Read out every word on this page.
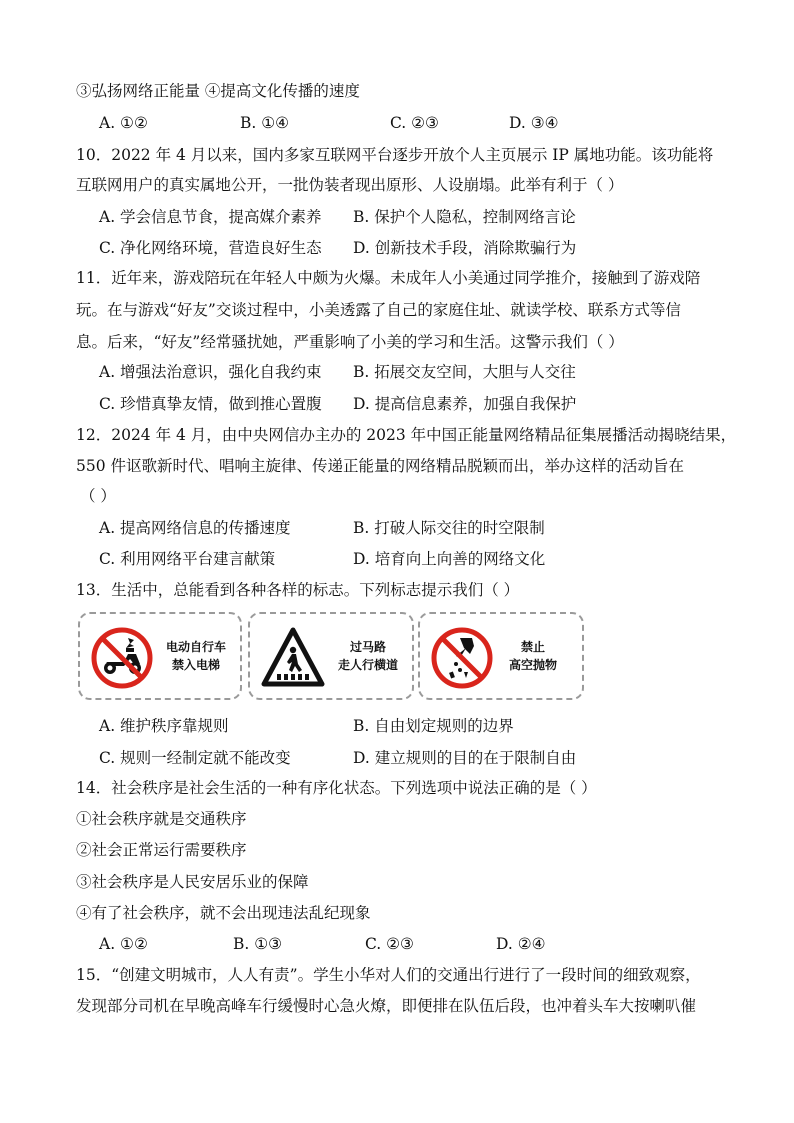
③弘扬网络正能量 ④提高文化传播的速度
A. ①②	B. ①④	C. ②③	D. ③④
10．2022 年 4 月以来，国内多家互联网平台逐步开放个人主页展示 IP 属地功能。该功能将
互联网用户的真实属地公开，一批伪装者现出原形、人设崩塌。此举有利于（ ）
A. 学会信息节食，提高媒介素养 B. 保护个人隐私，控制网络言论
C. 净化网络环境，营造良好生态 D. 创新技术手段，消除欺骗行为
11．近年来，游戏陪玩在年轻人中颇为火爆。未成年人小美通过同学推介，接触到了游戏陪
玩。在与游戏“好友”交谈过程中，小美透露了自己的家庭住址、就读学校、联系方式等信
息。后来，“好友”经常骚扰她，严重影响了小美的学习和生活。这警示我们（ ）
A. 增强法治意识，强化自我约束 B. 拓展交友空间，大胆与人交往
C. 珍惜真挚友情，做到推心置腹 D. 提高信息素养，加强自我保护
12．2024 年 4 月，由中央网信办主办的 2023 年中国正能量网络精品征集展播活动揭晓结果，
550 件讴歌新时代、唱响主旋律、传递正能量的网络精品脱颖而出，举办这样的活动旨在
（ ）
A. 提高网络信息的传播速度	B. 打破人际交往的时空限制
C. 利用网络平台建言献策	D. 培育向上向善的网络文化
13．生活中，总能看到各种各样的标志。下列标志提示我们（ ）
电动自行车
禁入电梯
过马路
走人行横道
禁止
高空抛物
A. 维护秩序靠规则	B. 自由划定规则的边界
C. 规则一经制定就不能改变	D. 建立规则的目的在于限制自由
14．社会秩序是社会生活的一种有序化状态。下列选项中说法正确的是（ ）
①社会秩序就是交通秩序
②社会正常运行需要秩序
③社会秩序是人民安居乐业的保障
④有了社会秩序，就不会出现违法乱纪现象
A. ①②	B. ①③	C. ②③	D. ②④
15．“创建文明城市，人人有责”。学生小华对人们的交通出行进行了一段时间的细致观察，
发现部分司机在早晚高峰车行缓慢时心急火燎，即便排在队伍后段，也冲着头车大按喇叭催
